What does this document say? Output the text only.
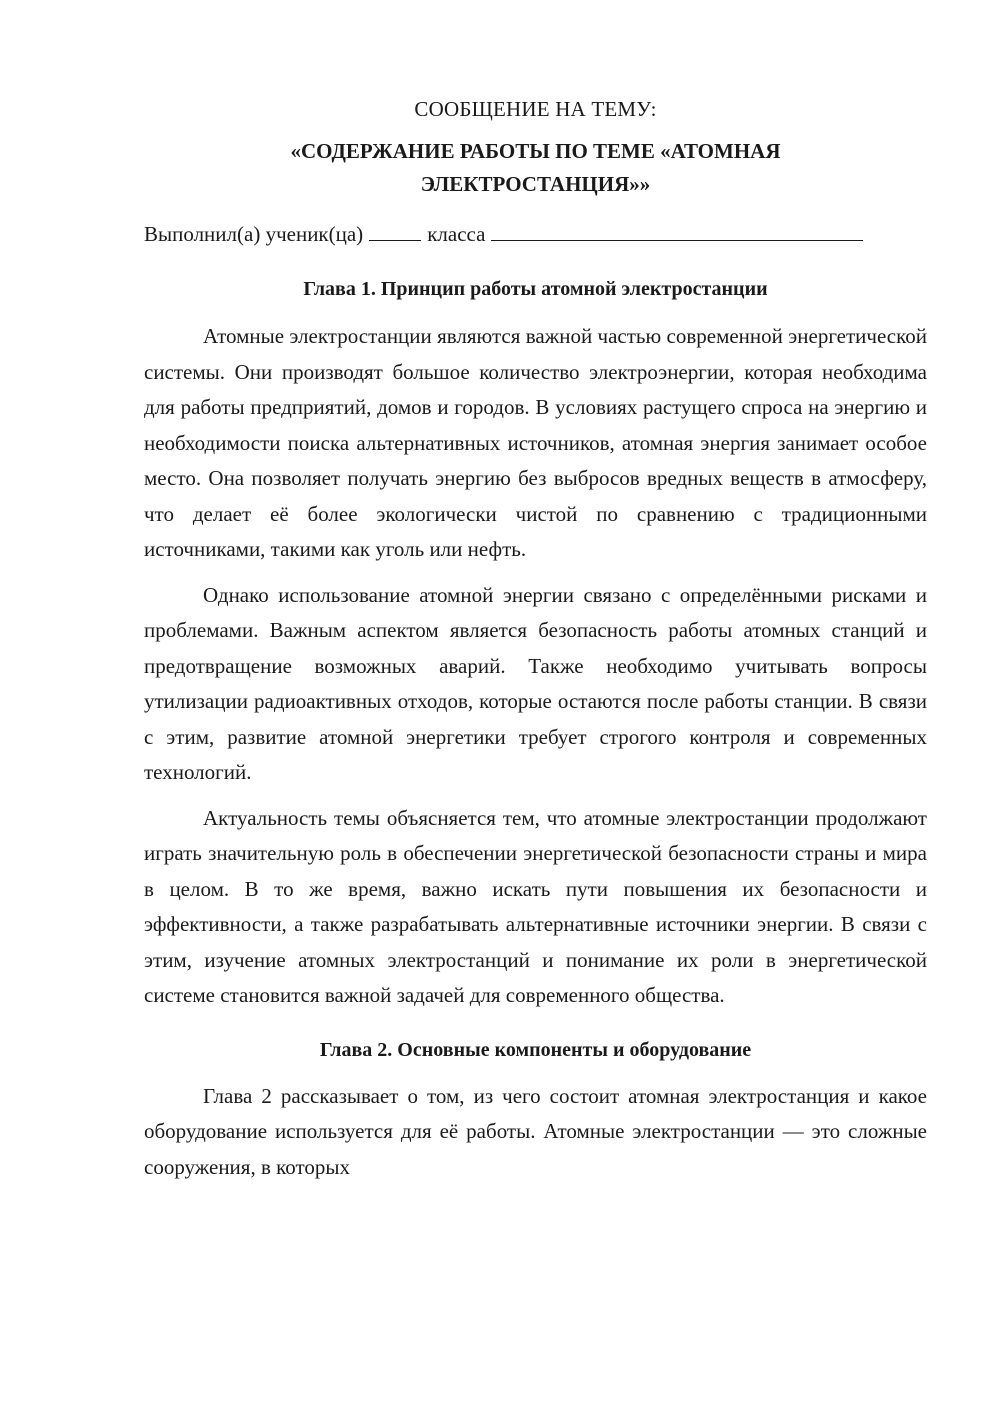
СООБЩЕНИЕ НА ТЕМУ:

«СОДЕРЖАНИЕ РАБОТЫ ПО ТЕМЕ «АТОМНАЯ

ЭЛЕКТРОСТАНЦИЯ»»

Выполнил(а) ученик(ца)	класса
Глава 1. Принцип работы атомной электростанции

Атомные электростанции являются важной частью современной энергетической системы. Они производят большое количество электроэнергии, которая необходима для работы предприятий, домов и городов. В условиях растущего спроса на энергию и необходимости поиска альтернативных источников, атомная энергия занимает особое место. Она позволяет получать энергию без выбросов вредных веществ в атмосферу, что делает её более экологически чистой по сравнению с традиционными источниками, такими как уголь или нефть.

Однако использование атомной энергии связано с определёнными рисками и проблемами. Важным аспектом является безопасность работы атомных станций и предотвращение возможных аварий. Также необходимо учитывать вопросы утилизации радиоактивных отходов, которые остаются после работы станции. В связи с этим, развитие атомной энергетики требует строгого контроля и современных технологий.

Актуальность темы объясняется тем, что атомные электростанции продолжают играть значительную роль в обеспечении энергетической безопасности страны и мира в целом. В то же время, важно искать пути повышения их безопасности и эффективности, а также разрабатывать альтернативные источники энергии. В связи с этим, изучение атомных электростанций и понимание их роли в энергетической системе становится важной задачей для современного общества.

Глава 2. Основные компоненты и оборудование

Глава 2 рассказывает о том, из чего состоит атомная электростанция и какое оборудование используется для её работы. Атомные электростанции — это сложные сооружения, в которых
